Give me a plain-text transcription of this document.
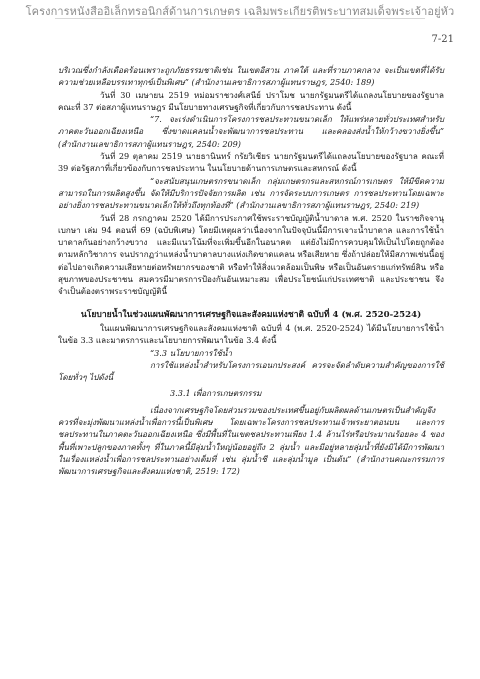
โครงการหนังสืออิเล็กทรอนิกส์ด้านการเกษตร เฉลิมพระเกียรติพระบาทสมเด็จพระเจ้าอยู่หัว
7-21

บริเวณซึ่งกำลังเดือดร้อนเพราะถูกภัยธรรมชาติเช่น ในเขตอีสาน ภาคใต้ และที่ราบภาคกลาง จะเป็นเขตที่ได้รับความช่วยเหลือบรรเทาทุกข์เป็นพิเศษ” (สำนักงานเลขาธิการสภาผู้แทนราษฎร, 2540: 189)

วันที่ 30 เมษายน 2519 หม่อมราชวงศ์เสนีย์ ปราโมช นายกรัฐมนตรีได้แถลงนโยบายของรัฐบาล คณะที่ 37 ต่อสภาผู้แทนราษฎร มีนโยบายทางเศรษฐกิจที่เกี่ยวกับการชลประทาน ดังนี้

“7. จะเร่งดำเนินการโครงการชลประทานขนาดเล็ก ให้แพร่หลายทั่วประเทศสำหรับภาคตะวันออกเฉียงเหนือ ซึ่งขาดแคลนน้ำจะพัฒนาการชลประทาน และคลองส่งน้ำให้กว้างขวางยิ่งขึ้น” (สำนักงานเลขาธิการสภาผู้แทนราษฎร, 2540: 209)

วันที่ 29 ตุลาคม 2519 นายธานินทร์ กรัยวิเชียร นายกรัฐมนตรีได้แถลงนโยบายของรัฐบาล คณะที่ 39 ต่อรัฐสภาที่เกี่ยวข้องกับการชลประทาน ในนโยบายด้านการเกษตรและสหกรณ์ ดังนี้

“จะสนับสนุนเกษตรกรขนาดเล็ก กลุ่มเกษตรกรและสหกรณ์การเกษตร ให้มีขีดความสามารถในการผลิตสูงขึ้น จัดให้มีบริการปัจจัยการผลิต เช่น การจัดระบบการเกษตร การชลประทานโดยเฉพาะอย่างยิ่งการชลประทานขนาดเล็กให้ทั่วถึงทุกท้องที่” (สำนักงานเลขาธิการสภาผู้แทนราษฎร, 2540: 219)

วันที่ 28 กรกฎาคม 2520 ได้มีการประกาศใช้พระราชบัญญัติน้ำบาดาล พ.ศ. 2520 ในราชกิจจานุเบกษา เล่ม 94 ตอนที่ 69 (ฉบับพิเศษ) โดยมีเหตุผลว่าเนื่องจากในปัจจุบันนี้มีการเจาะน้ำบาดาล และการใช้น้ำบาดาลกันอย่างกว้างขวาง และมีแนวโน้มที่จะเพิ่มขึ้นอีกในอนาคต แต่ยังไม่มีการควบคุมให้เป็นไปโดยถูกต้องตามหลักวิชาการ จนปรากฏว่าแหล่งน้ำบาดาลบางแห่งเกิดขาดแคลน หรือเสียหาย ซึ่งถ้าปล่อยให้มีสภาพเช่นนี้อยู่ต่อไปอาจเกิดความเสียหายต่อทรัพยากรของชาติ หรือทำให้สิ่งแวดล้อมเป็นพิษ หรือเป็นอันตรายแก่ทรัพย์สิน หรือสุขภาพของประชาชน สมควรมีมาตรการป้องกันอันเหมาะสม เพื่อประโยชน์แก่ประเทศชาติ และประชาชน จึงจำเป็นต้องตราพระราชบัญญัตินี้

นโยบายน้ำในช่วงแผนพัฒนาการเศรษฐกิจและสังคมแห่งชาติ ฉบับที่ 4 (พ.ศ. 2520-2524)

ในแผนพัฒนาการเศรษฐกิจและสังคมแห่งชาติ ฉบับที่ 4 (พ.ศ. 2520-2524) ได้มีนโยบายการใช้น้ำในข้อ 3.3 และมาตรการและนโยบายการพัฒนาในข้อ 3.4 ดังนี้

“3.3 นโยบายการใช้น้ำ

การใช้แหล่งน้ำสำหรับโครงการเอนกประสงค์ ควรจะจัดลำดับความสำคัญของการใช้โดยทั่วๆ ไปดังนี้

3.3.1 เพื่อการเกษตรกรรม

เนื่องจากเศรษฐกิจโดยส่วนรวมของประเทศขึ้นอยู่กับผลิตผลด้านเกษตรเป็นสำคัญจึงควรที่จะมุ่งพัฒนาแหล่งน้ำเพื่อการนี้เป็นพิเศษ โดยเฉพาะโครงการชลประทานเจ้าพระยาตอนบน และการชลประทานในภาคตะวันออกเฉียงเหนือ ซึ่งมีพื้นที่ในเขตชลประทานเพียง 1.4 ล้านไร่หรือประมาณร้อยละ 4 ของพื้นที่เพาะปลูกของภาคทั้งๆ ที่ในภาคนี้มีลุ่มน้ำใหญ่น้อยอยู่ถึง 2 ลุ่มน้ำ และมีอยู่หลายลุ่มน้ำที่ยังมิได้มีการพัฒนาในเรื่องแหล่งน้ำเพื่อการชลประทานอย่างเต็มที่ เช่น ลุ่มน้ำชี และลุ่มน้ำมูล เป็นต้น” (สำนักงานคณะกรรมการพัฒนาการเศรษฐกิจและสังคมแห่งชาติ, 2519: 172)
